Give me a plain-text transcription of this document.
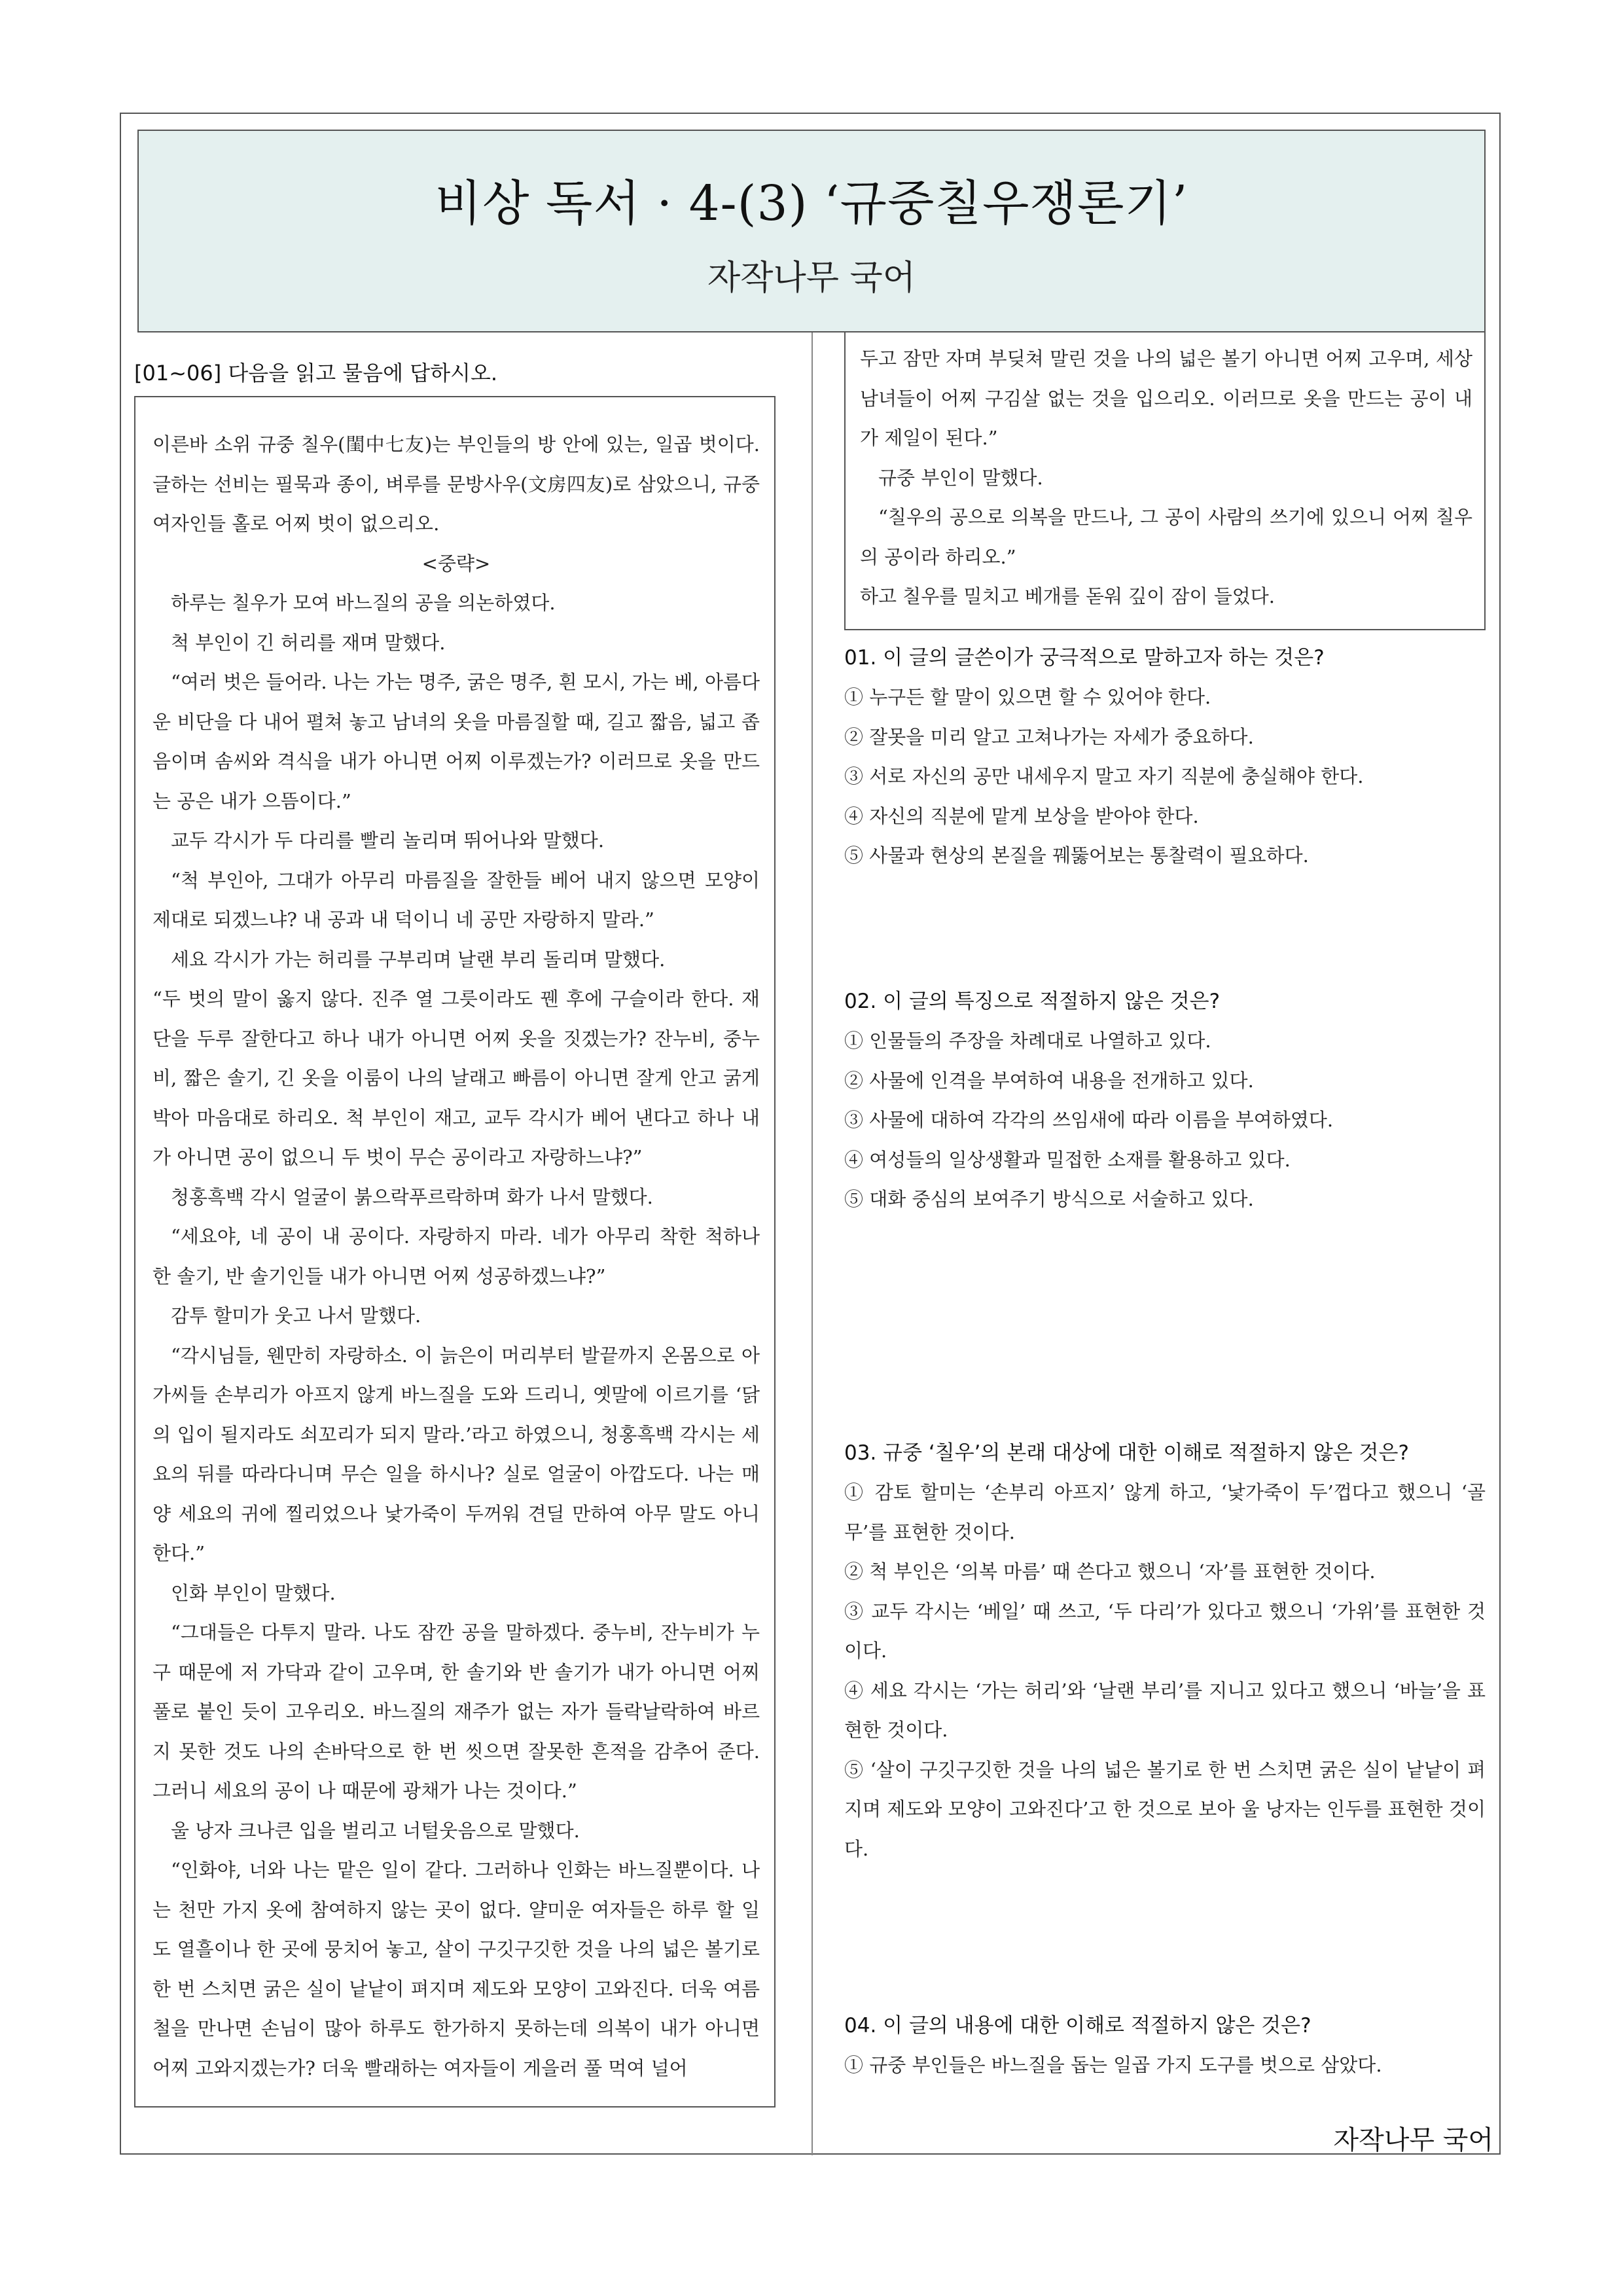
비상 독서 · 4-(3) ‘규중칠우쟁론기’
자작나무 국어
[01~06] 다음을 읽고 물음에 답하시오.

이른바 소위 규중 칠우(閨中七友)는 부인들의 방 안에 있는, 일곱 벗이다. 글하는 선비는 필묵과 종이, 벼루를 문방사우(文房四友)로 삼았으니, 규중 여자인들 홀로 어찌 벗이 없으리오.

<중략>

하루는 칠우가 모여 바느질의 공을 의논하였다.

척 부인이 긴 허리를 재며 말했다.

“여러 벗은 들어라. 나는 가는 명주, 굵은 명주, 흰 모시, 가는 베, 아름다운 비단을 다 내어 펼쳐 놓고 남녀의 옷을 마름질할 때, 길고 짧음, 넓고 좁음이며 솜씨와 격식을 내가 아니면 어찌 이루겠는가? 이러므로 옷을 만드는 공은 내가 으뜸이다.”

교두 각시가 두 다리를 빨리 놀리며 뛰어나와 말했다.

“척 부인아, 그대가 아무리 마름질을 잘한들 베어 내지 않으면 모양이 제대로 되겠느냐? 내 공과 내 덕이니 네 공만 자랑하지 말라.”

세요 각시가 가는 허리를 구부리며 날랜 부리 돌리며 말했다.

“두 벗의 말이 옳지 않다. 진주 열 그릇이라도 꿴 후에 구슬이라 한다. 재단을 두루 잘한다고 하나 내가 아니면 어찌 옷을 짓겠는가? 잔누비, 중누비, 짧은 솔기, 긴 옷을 이룸이 나의 날래고 빠름이 아니면 잘게 안고 굵게 박아 마음대로 하리오. 척 부인이 재고, 교두 각시가 베어 낸다고 하나 내가 아니면 공이 없으니 두 벗이 무슨 공이라고 자랑하느냐?”

청홍흑백 각시 얼굴이 붉으락푸르락하며 화가 나서 말했다.

“세요야, 네 공이 내 공이다. 자랑하지 마라. 네가 아무리 착한 척하나 한 솔기, 반 솔기인들 내가 아니면 어찌 성공하겠느냐?”

감투 할미가 웃고 나서 말했다.

“각시님들, 웬만히 자랑하소. 이 늙은이 머리부터 발끝까지 온몸으로 아가씨들 손부리가 아프지 않게 바느질을 도와 드리니, 옛말에 이르기를 ‘닭의 입이 될지라도 쇠꼬리가 되지 말라.’라고 하였으니, 청홍흑백 각시는 세요의 뒤를 따라다니며 무슨 일을 하시나? 실로 얼굴이 아깝도다. 나는 매양 세요의 귀에 찔리었으나 낯가죽이 두꺼워 견딜 만하여 아무 말도 아니한다.”

인화 부인이 말했다.

“그대들은 다투지 말라. 나도 잠깐 공을 말하겠다. 중누비, 잔누비가 누구 때문에 저 가닥과 같이 고우며, 한 솔기와 반 솔기가 내가 아니면 어찌 풀로 붙인 듯이 고우리오. 바느질의 재주가 없는 자가 들락날락하여 바르지 못한 것도 나의 손바닥으로 한 번 씻으면 잘못한 흔적을 감추어 준다. 그러니 세요의 공이 나 때문에 광채가 나는 것이다.”

울 낭자 크나큰 입을 벌리고 너털웃음으로 말했다.

“인화야, 너와 나는 맡은 일이 같다. 그러하나 인화는 바느질뿐이다. 나는 천만 가지 옷에 참여하지 않는 곳이 없다. 얄미운 여자들은 하루 할 일도 열흘이나 한 곳에 뭉치어 놓고, 살이 구깃구깃한 것을 나의 넓은 볼기로 한 번 스치면 굵은 실이 낱낱이 펴지며 제도와 모양이 고와진다. 더욱 여름철을 만나면 손님이 많아 하루도 한가하지 못하는데 의복이 내가 아니면 어찌 고와지겠는가? 더욱 빨래하는 여자들이 게을러 풀 먹여 널어

두고 잠만 자며 부딪쳐 말린 것을 나의 넓은 볼기 아니면 어찌 고우며, 세상 남녀들이 어찌 구김살 없는 것을 입으리오. 이러므로 옷을 만드는 공이 내가 제일이 된다.”

규중 부인이 말했다.

“칠우의 공으로 의복을 만드나, 그 공이 사람의 쓰기에 있으니 어찌 칠우의 공이라 하리오.”

하고 칠우를 밀치고 베개를 돋워 깊이 잠이 들었다.

01. 이 글의 글쓴이가 궁극적으로 말하고자 하는 것은?

① 누구든 할 말이 있으면 할 수 있어야 한다.

② 잘못을 미리 알고 고쳐나가는 자세가 중요하다.

③ 서로 자신의 공만 내세우지 말고 자기 직분에 충실해야 한다.

④ 자신의 직분에 맡게 보상을 받아야 한다.

⑤ 사물과 현상의 본질을 꿰뚫어보는 통찰력이 필요하다.

02. 이 글의 특징으로 적절하지 않은 것은?

① 인물들의 주장을 차례대로 나열하고 있다.

② 사물에 인격을 부여하여 내용을 전개하고 있다.

③ 사물에 대하여 각각의 쓰임새에 따라 이름을 부여하였다.

④ 여성들의 일상생활과 밀접한 소재를 활용하고 있다.

⑤ 대화 중심의 보여주기 방식으로 서술하고 있다.

03. 규중 ‘칠우’의 본래 대상에 대한 이해로 적절하지 않은 것은?

① 감토 할미는 ‘손부리 아프지’ 않게 하고, ‘낯가죽이 두’껍다고 했으니 ‘골무’를 표현한 것이다.

② 척 부인은 ‘의복 마름’ 때 쓴다고 했으니 ‘자’를 표현한 것이다.

③ 교두 각시는 ‘베일’ 때 쓰고, ‘두 다리’가 있다고 했으니 ‘가위’를 표현한 것이다.

④ 세요 각시는 ‘가는 허리’와 ‘날랜 부리’를 지니고 있다고 했으니 ‘바늘’을 표현한 것이다.

⑤ ‘살이 구깃구깃한 것을 나의 넓은 볼기로 한 번 스치면 굵은 실이 낱낱이 펴지며 제도와 모양이 고와진다’고 한 것으로 보아 울 낭자는 인두를 표현한 것이다.

04. 이 글의 내용에 대한 이해로 적절하지 않은 것은?

① 규중 부인들은 바느질을 돕는 일곱 가지 도구를 벗으로 삼았다.

자작나무 국어
